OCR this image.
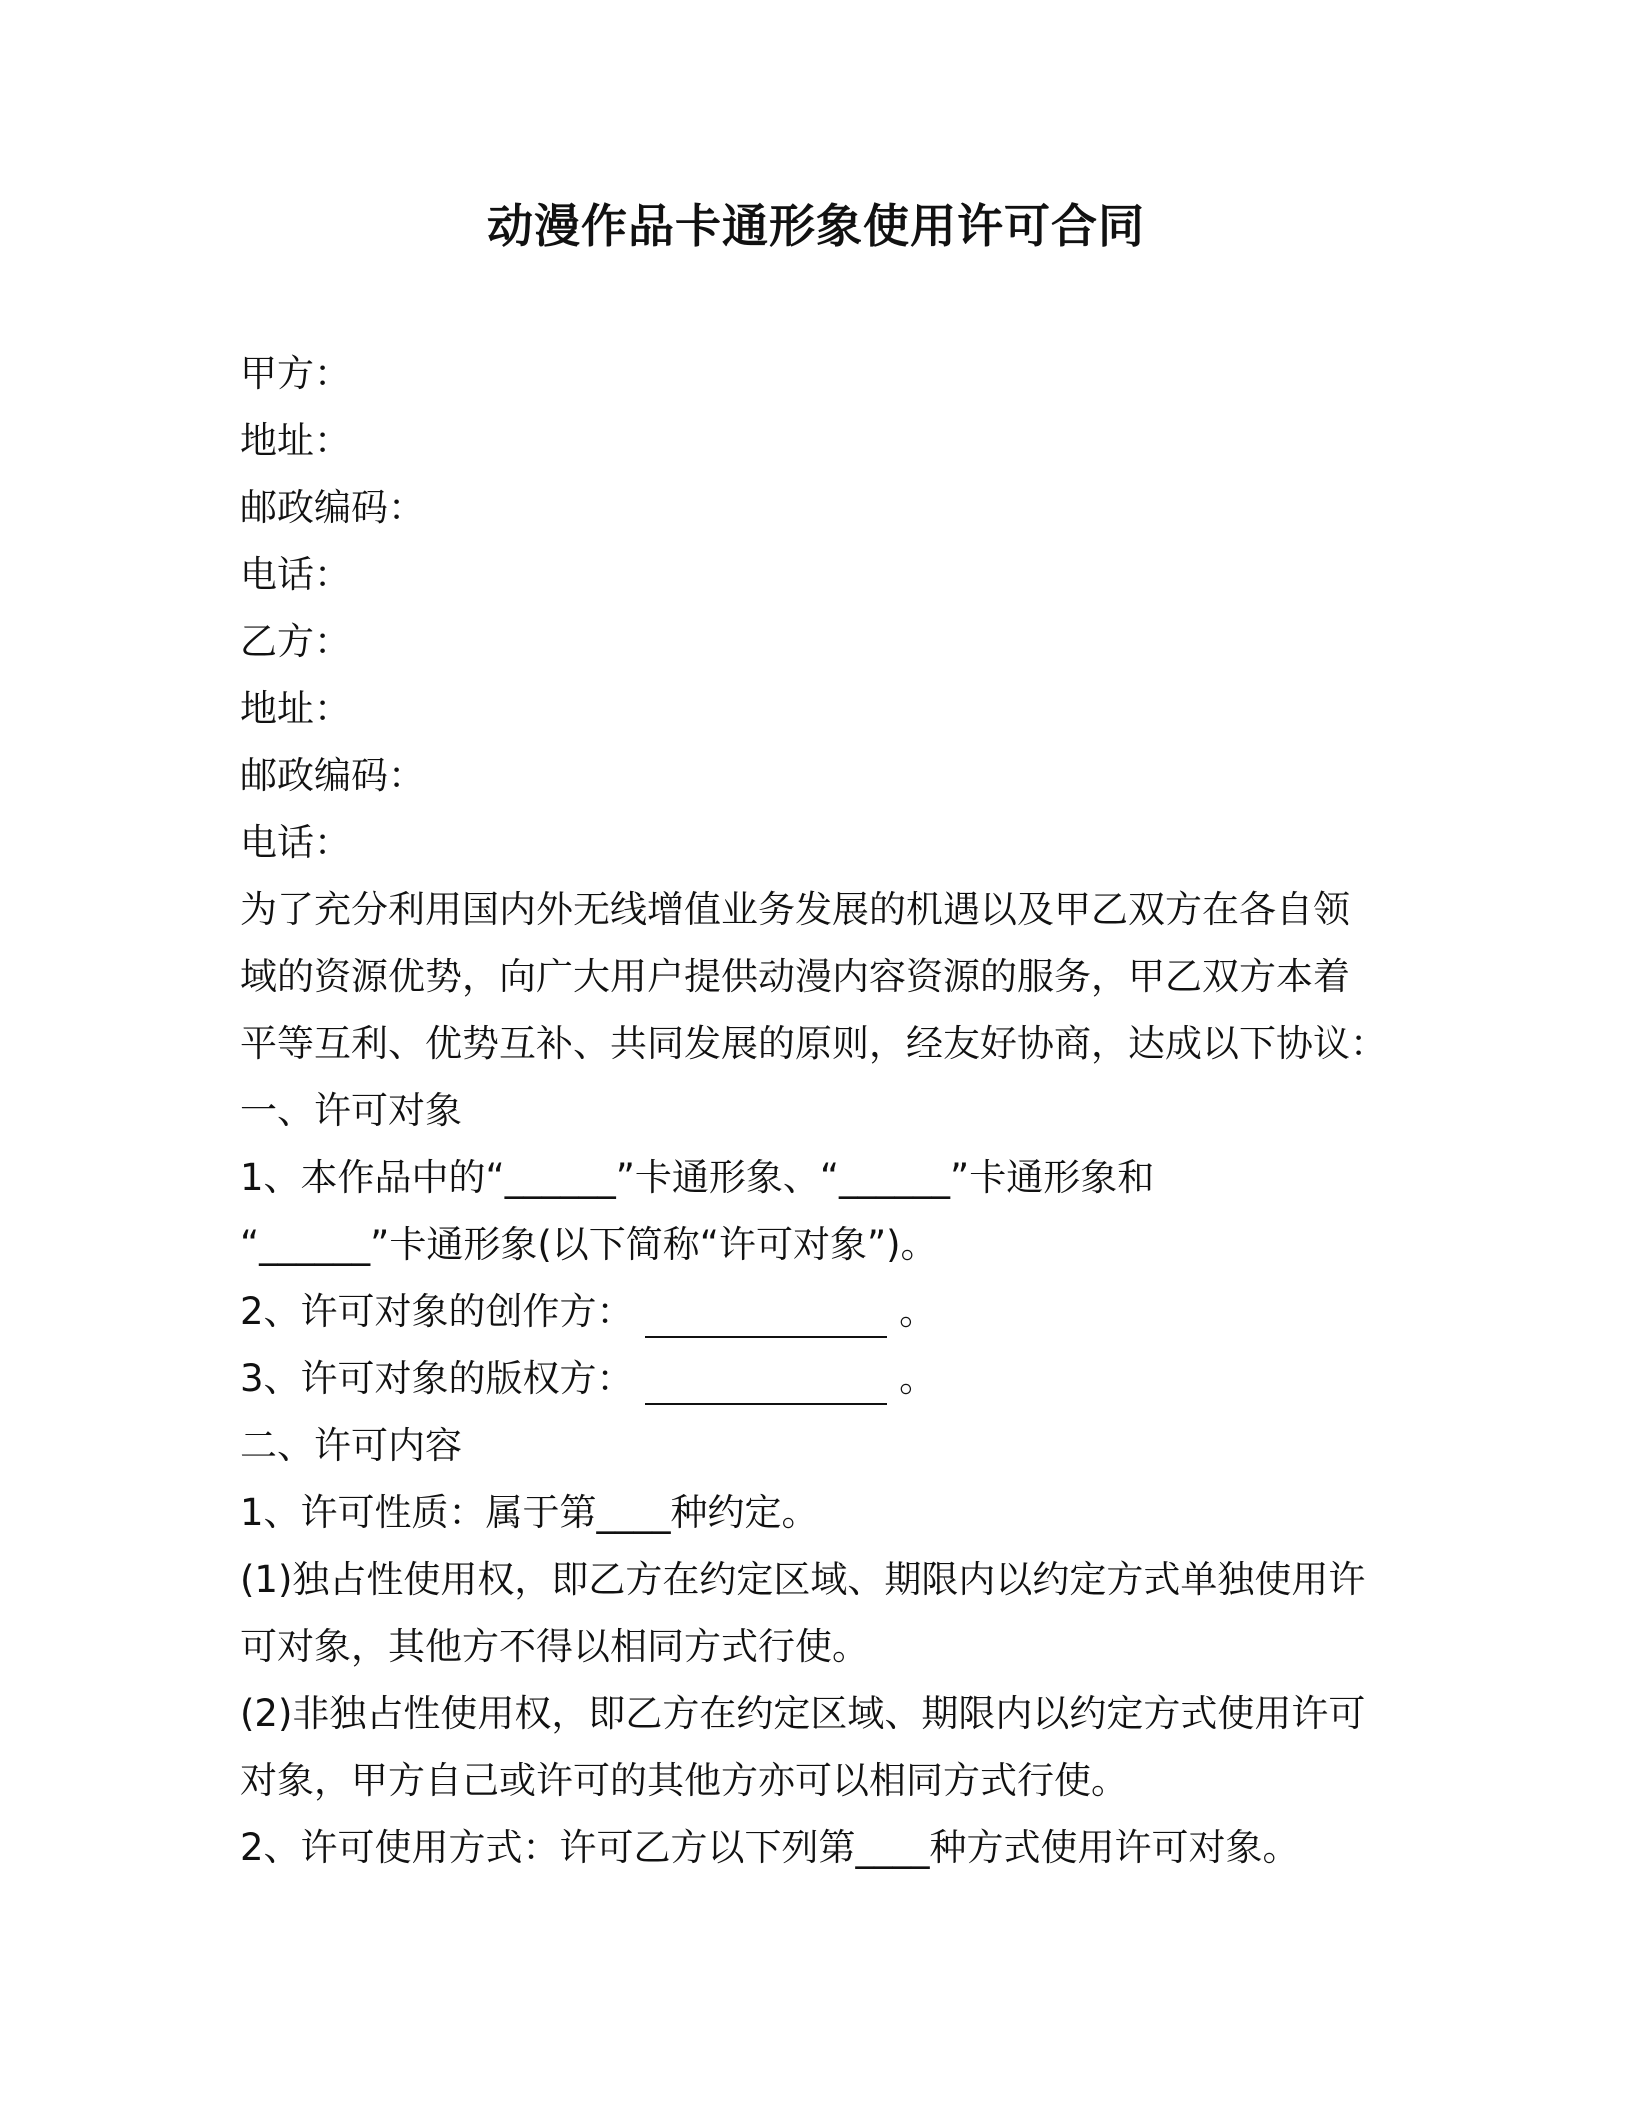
动漫作品卡通形象使用许可合同
甲方：
地址：
邮政编码：
电话：
乙方：
地址：
邮政编码：
电话：
为了充分利用国内外无线增值业务发展的机遇以及甲乙双方在各自领
域的资源优势，向广大用户提供动漫内容资源的服务，甲乙双方本着
平等互利、优势互补、共同发展的原则，经友好协商，达成以下协议：
一、许可对象
1、本作品中的“______”卡通形象、“______”卡通形象和
“______”卡通形象(以下简称“许可对象”)。
2、许可对象的创作方：	。
3、许可对象的版权方：	。
二、许可内容
1、许可性质：属于第____种约定。
(1)独占性使用权，即乙方在约定区域、期限内以约定方式单独使用许
可对象，其他方不得以相同方式行使。
(2)非独占性使用权，即乙方在约定区域、期限内以约定方式使用许可
对象，甲方自己或许可的其他方亦可以相同方式行使。
2、许可使用方式：许可乙方以下列第____种方式使用许可对象。
